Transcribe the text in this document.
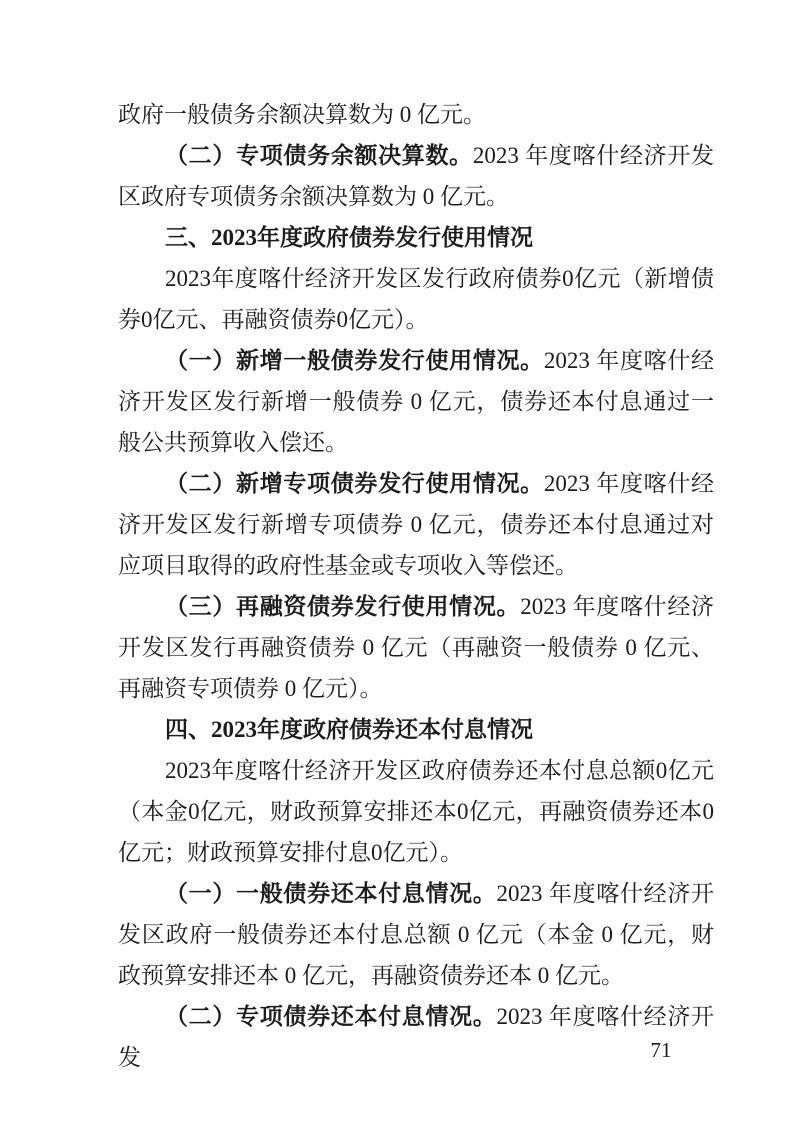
政府一般债务余额决算数为 0 亿元。

（二）专项债务余额决算数。2023 年度喀什经济开发区政府专项债务余额决算数为 0 亿元。

三、2023年度政府债券发行使用情况

2023年度喀什经济开发区发行政府债券0亿元（新增债券0亿元、再融资债券0亿元）。

（一）新增一般债券发行使用情况。2023 年度喀什经济开发区发行新增一般债券 0 亿元，债券还本付息通过一般公共预算收入偿还。

（二）新增专项债券发行使用情况。2023 年度喀什经济开发区发行新增专项债券 0 亿元，债券还本付息通过对应项目取得的政府性基金或专项收入等偿还。

（三）再融资债券发行使用情况。2023 年度喀什经济开发区发行再融资债券 0 亿元（再融资一般债券 0 亿元、再融资专项债券 0 亿元）。

四、2023年度政府债券还本付息情况

2023年度喀什经济开发区政府债券还本付息总额0亿元（本金0亿元，财政预算安排还本0亿元，再融资债券还本0亿元；财政预算安排付息0亿元）。

（一）一般债券还本付息情况。2023 年度喀什经济开发区政府一般债券还本付息总额 0 亿元（本金 0 亿元，财政预算安排还本 0 亿元，再融资债券还本 0 亿元。

（二）专项债券还本付息情况。2023 年度喀什经济开发	71
